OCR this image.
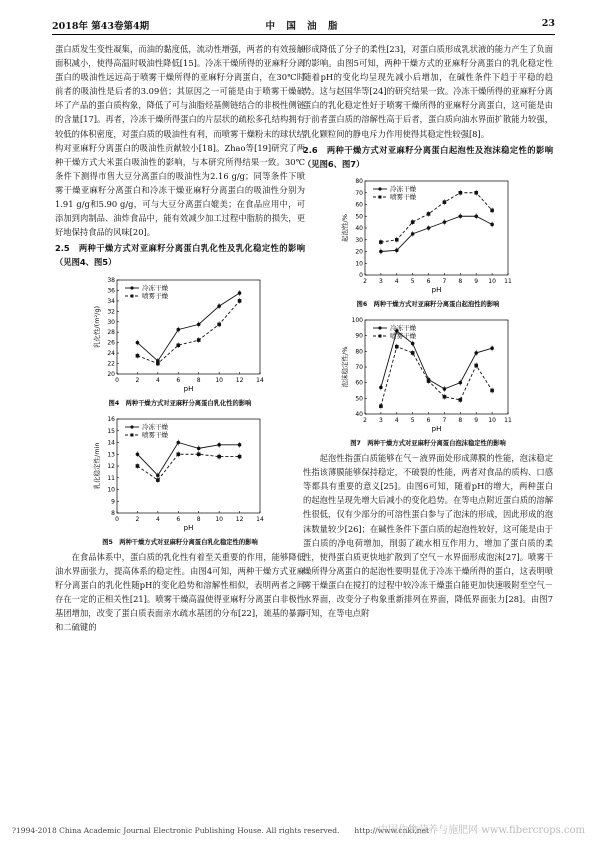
2018年 第43卷第4期	中 国 油 脂	23

蛋白质发生变性凝集，而油的黏度低，流动性增强，两者的有效接触面积减小，使得高温时吸油性降低[15]。冷冻干燥所得的亚麻籽分离蛋白的吸油性远远高于喷雾干燥所得的亚麻籽分离蛋白，在30℃时前者的吸油性是后者的3.09倍；其原因之一可能是由于喷雾干燥破坏了产品的蛋白质构象，降低了可与油脂烃基侧链结合的非极性侧链的含量[17]。再者，冷冻干燥所得蛋白的片层状的疏松多孔结构拥有较低的体积密度，对蛋白质的吸油性有利，而喷雾干燥粉末的球状结构对亚麻籽分离蛋白的吸油性贡献较小[18]。Zhao等[19]研究了两种干燥方式大米蛋白吸油性的影响，与本研究所得结果一致。30℃条件下测得市售大豆分离蛋白的吸油性为2.16 g/g；同等条件下喷雾干燥亚麻籽分离蛋白和冷冻干燥亚麻籽分离蛋白的吸油性分别为1.91 g/g和5.90 g/g，可与大豆分离蛋白媲美；在食品应用中，可添加到肉制品、油炸食品中，能有效减少加工过程中脂肪的损失，更好地保持食品的风味[20]。

2.5　两种干燥方式对亚麻籽分离蛋白乳化性及乳化稳定性的影响（见图4、图5）

0	2	4	6	8 10 12 14
20
22
24
26
28
30
32
34
36
38
pH
乳化性/(m²/g)
冷冻干燥
喷雾干燥

图4　两种干燥方式对亚麻籽分离蛋白乳化性的影响

0	2	4	6	8 10 12 14
8
9
10
11
12
13
14
15
16
pH
乳化稳定性/min
冷冻干燥
喷雾干燥

图5　两种干燥方式对亚麻籽分离蛋白乳化稳定性的影响

在食品体系中，蛋白质的乳化性有着至关重要的作用，能够降低油水界面张力，提高体系的稳定性。由图4可知，两种干燥方式亚麻籽分离蛋白的乳化性随pH的变化趋势和溶解性相似，表明两者之间存在一定的正相关性[21]。喷雾干燥高温使得亚麻籽分离蛋白非极性基团增加，改变了蛋白质表面亲水疏水基团的分布[22]，巯基的暴露和二硫键的

形成降低了分子的柔性[23]，对蛋白质形成乳状液的能力产生了负面的影响。由图5可知，两种干燥方式的亚麻籽分离蛋白的乳化稳定性随着pH的变化均呈现先减小后增加，在碱性条件下趋于平稳的趋势。这与赵国华等[24]的研究结果一致。冷冻干燥所得的亚麻籽分离蛋白的乳化稳定性好于喷雾干燥所得的亚麻籽分离蛋白，这可能是由于前者蛋白质的溶解性高于后者，蛋白质向油水界面扩散能力较强，乳化颗粒间的静电斥力作用使得其稳定性较强[8]。

2.6　两种干燥方式对亚麻籽分离蛋白起泡性及泡沫稳定性的影响（见图6、图7）

2 3 4 5 6 7 8 9 10 11
0
10
20
30
40
50
60
70
80
pH
起泡性/%
冷冻干燥
喷雾干燥

图6　两种干燥方式对亚麻籽分离蛋白起泡性的影响

2 3 4 5 6 7 8 9 10 11
40
50
60
70
80
90
100
pH
泡沫稳定性/%
冷冻干燥
喷雾干燥

图7　两种干燥方式对亚麻籽分离蛋白泡沫稳定性的影响

起泡性指蛋白质能够在气－液界面处形成薄膜的性能，泡沫稳定性指该薄膜能够保持稳定，不破裂的性能，两者对食品的质构、口感等都具有重要的意义[25]。由图6可知，随着pH的增大，两种蛋白的起泡性呈现先增大后减小的变化趋势。在等电点附近蛋白质的溶解性很低，仅有少部分的可溶性蛋白参与了泡沫的形成，因此形成的泡沫数量较少[26]；在碱性条件下蛋白质的起泡性较好，这可能是由于蛋白质的净电荷增加，削弱了疏水相互作用力，增加了蛋白质的柔性，使得蛋白质更快地扩散到了空气－水界面形成泡沫[27]。喷雾干燥所得分离蛋白的起泡性要明显优于冷冻干燥所得的蛋白，这表明喷雾干燥蛋白在搅打的过程中较冷冻干燥蛋白能更加快速吸附至空气－水界面，改变分子构象重新排列在界面，降低界面张力[28]。由图7可知，在等电点附

?1994-2018 China Academic Journal Electronic Publishing House. All rights reserved.　　http://www.cnki.net
中国作物营养与施肥网 www.fibercrops.com
